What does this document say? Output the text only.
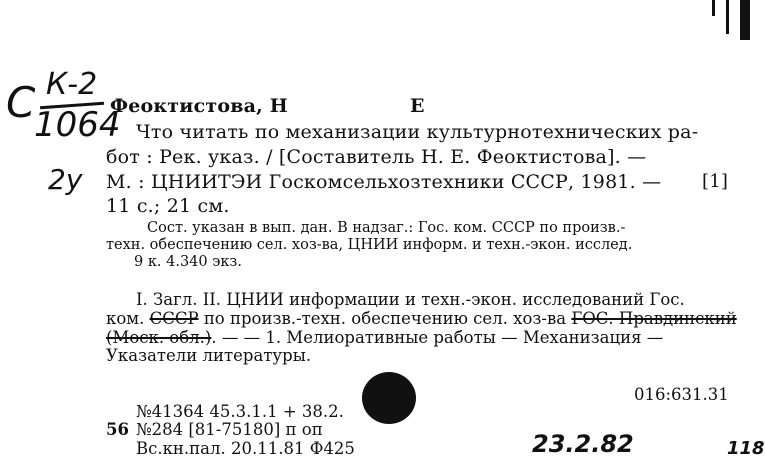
С К-2
1064
2у
Феоктистова, Н	Е
Что читать по механизации культурнотехнических ра-
бот : Рек. указ. / [Составитель Н. Е. Феоктистова]. —
М. : ЦНИИТЭИ Госкомсельхозтехники СССР, 1981. — [1]
11 с.; 21 см.
Сост. указан в вып. дан. В надзаг.: Гос. ком. СССР по произв.-
техн. обеспечению сел. хоз-ва, ЦНИИ информ. и техн.-экон. исслед.
9 к. 4.340 экз.
I. Загл. II. ЦНИИ информации и техн.-экон. исследований Гос.
ком. СССР по произв.-техн. обеспечению сел. хоз-ва ГОС. Правдинский
(Моск. обл.). — — 1. Мелиоративные работы — Механизация —
Указатели литературы.
016:631.31
№41364 45.3.1.1 + 38.2.
56 №284 [81-75180] п оп
Вс.кн.пал. 20.11.81 Ф425	23.2.82	118
